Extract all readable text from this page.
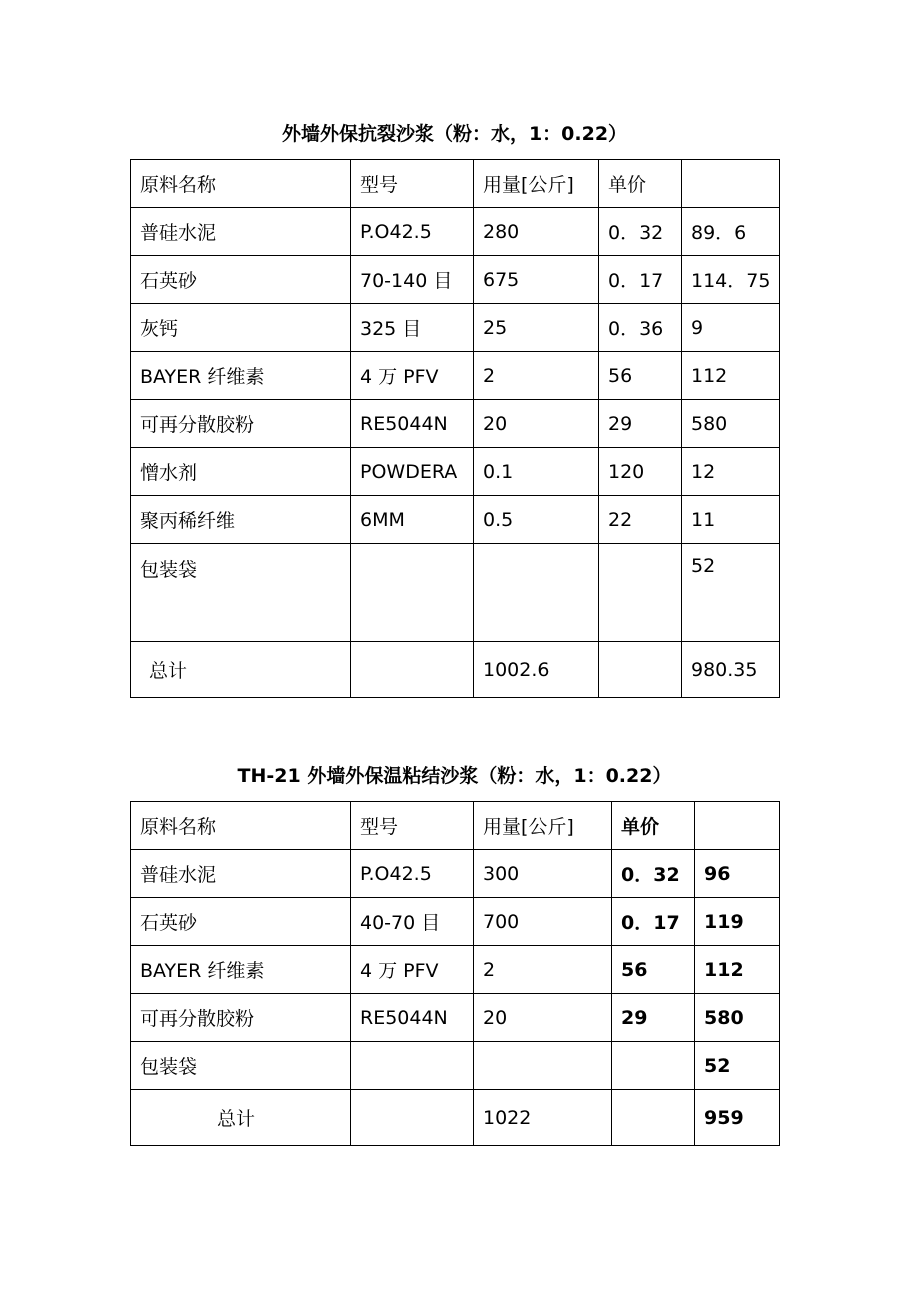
外墙外保抗裂沙浆（粉：水，1：0.22）
原料名称	型号	用量[公斤]	单价	
普硅水泥	P.O42.5	280	0．32	89．6
石英砂	70-140 目	675	0．17	114．75
灰钙	325 目	25	0．36	9
BAYER 纤维素	4 万 PFV	2	56	112
可再分散胶粉	RE5044N	20	29	580
憎水剂	POWDERA	0.1	120	12
聚丙稀纤维	6MM	0.5	22	11
包装袋				52
总计		1002.6		980.35
TH-21 外墙外保温粘结沙浆（粉：水，1：0.22）
原料名称	型号	用量[公斤]	单价	
普硅水泥	P.O42.5	300	0．32	96
石英砂	40-70 目	700	0．17	119
BAYER 纤维素	4 万 PFV	2	56	112
可再分散胶粉	RE5044N	20	29	580
包装袋				52
总计		1022		959
